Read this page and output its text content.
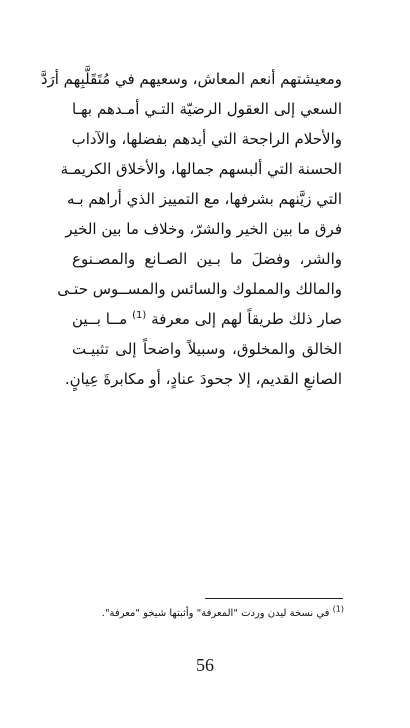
ومعيشتهم أنعم المعاش، وسعيهم في مُتَقَلَّبِهم أرَدَّ
السعي إلى العقول الرضيّة التـي أمـدهم بهـا
والأحلام الراجحة التي أيدهم بفضلها، والآداب
الحسنة التي ألبسهم جمالها، والأخلاق الكريمـة
التي زيَّنهم بشرفها، مع التمييز الذي أراهم بـه
فرق ما بين الخير والشرّ، وخلاف ما بين الخير
والشر، وفضلَ ما بـين الصـانع والمصـنوع
والمالك والمملوك والسائس والمســوس حتـى
صار ذلك طريقاً لهم إلى معرفة $^{(1)}$ مــا بــين
الخالق والمخلوق، وسبيلاً واضحاً إلى تثبيـت
الصانعِ القديم، إلا جحودَ عنادٍ، أو مكابرةَ عِيانٍ.
$^{(1)}$ في نسخة ليدن وردت "المعرفة" وأثبتها شيخو "معرفة".
56
